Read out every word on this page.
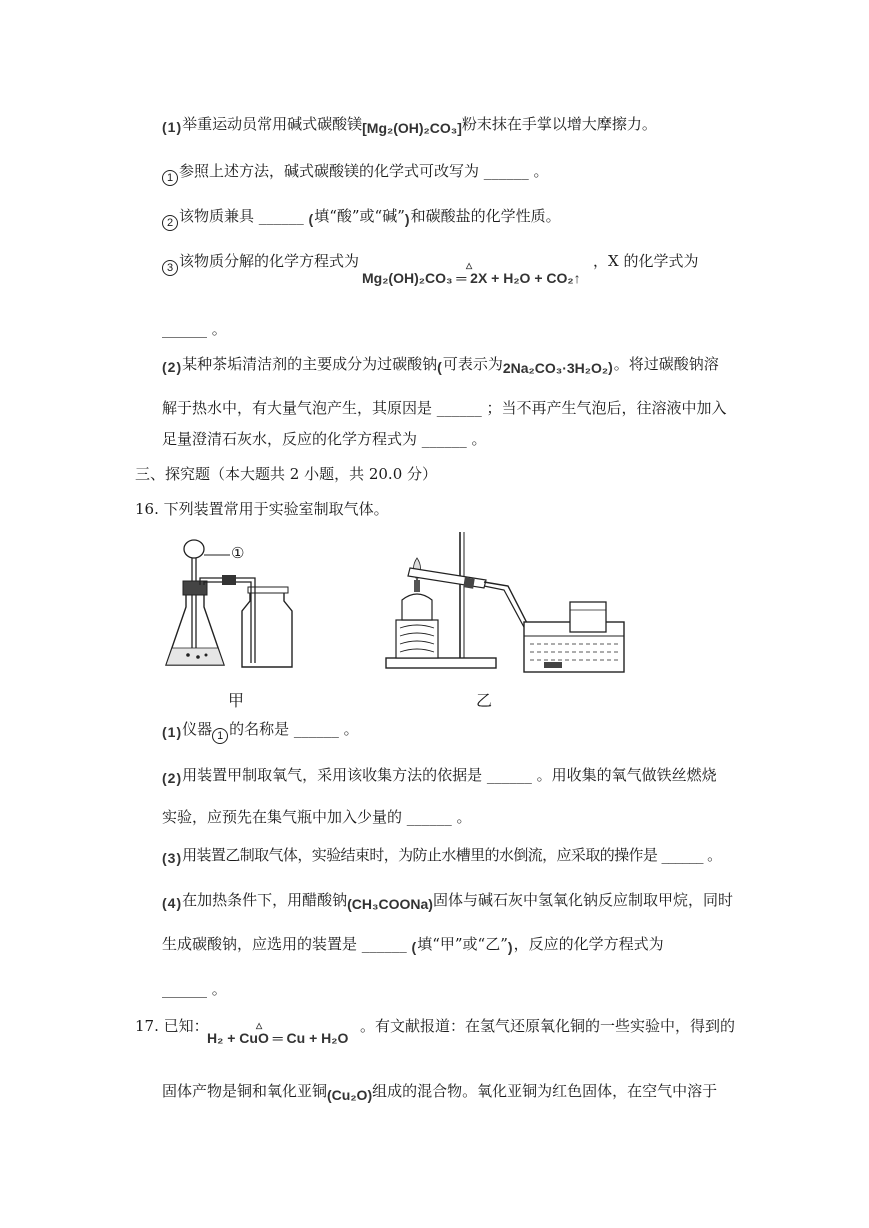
(1)举重运动员常用碱式碳酸镁[Mg₂(OH)₂CO₃]粉末抹在手掌以增大摩擦力。
1 参照上述方法，碱式碳酸镁的化学式可改写为 ______ 。
2 该物质兼具 ______ (填“酸”或“碱”)和碳酸盐的化学性质。
3 该物质分解的化学方程式为	，X 的化学式为
Mg₂(OH)₂CO₃ ═ 2X + H₂O + CO₂↑
△
______ 。
(2)某种茶垢清洁剂的主要成分为过碳酸钠(可表示为2Na₂CO₃·3H₂O₂)。将过碳酸钠溶
解于热水中，有大量气泡产生，其原因是 ______ ；当不再产生气泡后，往溶液中加入
足量澄清石灰水，反应的化学方程式为 ______ 。
三、探究题（本大题共 2 小题，共 20.0 分）
16. 下列装置常用于实验室制取气体。
①
甲	乙
(1)仪器 1 的名称是 ______ 。
(2)用装置甲制取氧气，采用该收集方法的依据是 ______ 。用收集的氧气做铁丝燃烧
实验，应预先在集气瓶中加入少量的 ______ 。
(3)用装置乙制取气体，实验结束时，为防止水槽里的水倒流，应采取的操作是 ______ 。
(4)在加热条件下，用醋酸钠(CH₃COONa)固体与碱石灰中氢氧化钠反应制取甲烷，同时
生成碳酸钠，应选用的装置是 ______ (填“甲”或“乙”)，反应的化学方程式为
______ 。
17. 已知：
H₂ + CuO ═ Cu + H₂O
△	。有文献报道：在氢气还原氧化铜的一些实验中，得到的
固体产物是铜和氧化亚铜(Cu₂O)组成的混合物。氧化亚铜为红色固体，在空气中溶于
